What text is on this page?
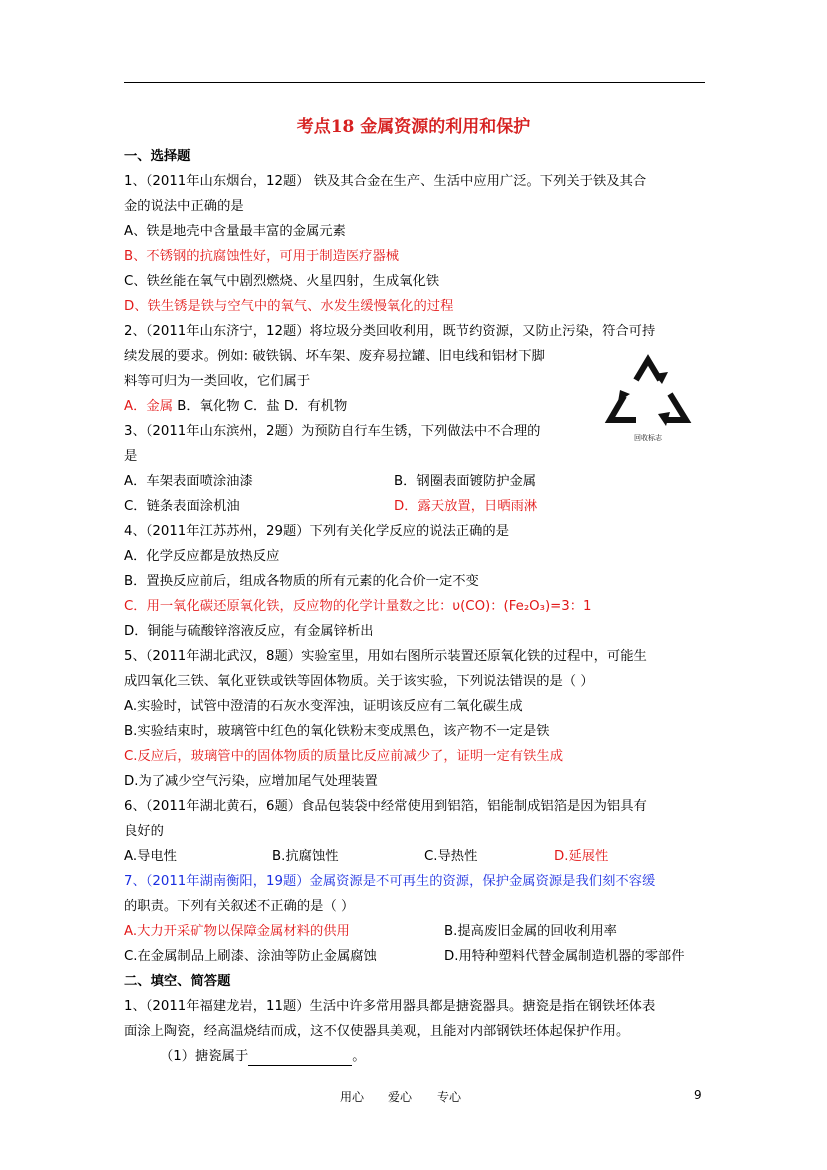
考点18 金属资源的利用和保护
一、选择题
1、（2011年山东烟台，12题） 铁及其合金在生产、生活中应用广泛。下列关于铁及其合
金的说法中正确的是
A、铁是地壳中含量最丰富的金属元素
B、不锈钢的抗腐蚀性好，可用于制造医疗器械
C、铁丝能在氧气中剧烈燃烧、火星四射，生成氧化铁
D、铁生锈是铁与空气中的氧气、水发生缓慢氧化的过程
2、（2011年山东济宁，12题）将垃圾分类回收利用，既节约资源，又防止污染，符合可持
续发展的要求。例如: 破铁锅、坏车架、废弃易拉罐、旧电线和铝材下脚
料等可归为一类回收，它们属于
A．金属 B．氧化物 C．盐 D．有机物
回收标志
3、（2011年山东滨州，2题）为预防自行车生锈，下列做法中不合理的
是
A．车架表面喷涂油漆	B．钢圈表面镀防护金属
C．链条表面涂机油	D．露天放置，日晒雨淋
4、（2011年江苏苏州，29题）下列有关化学反应的说法正确的是
A．化学反应都是放热反应
B．置换反应前后，组成各物质的所有元素的化合价一定不变
C．用一氧化碳还原氧化铁，反应物的化学计量数之比：υ(CO)：(Fe₂O₃)=3：1
D．铜能与硫酸锌溶液反应，有金属锌析出
5、（2011年湖北武汉，8题）实验室里，用如右图所示装置还原氧化铁的过程中，可能生
成四氧化三铁、氧化亚铁或铁等固体物质。关于该实验，下列说法错误的是（ ）
A.实验时，试管中澄清的石灰水变浑浊，证明该反应有二氧化碳生成
B.实验结束时，玻璃管中红色的氧化铁粉末变成黑色，该产物不一定是铁
C.反应后，玻璃管中的固体物质的质量比反应前减少了，证明一定有铁生成
D.为了减少空气污染，应增加尾气处理装置
6、（2011年湖北黄石，6题）食品包装袋中经常使用到铝箔，铝能制成铝箔是因为铝具有
良好的
A.导电性	B.抗腐蚀性	C.导热性	D.延展性
7、（2011年湖南衡阳，19题）金属资源是不可再生的资源，保护金属资源是我们刻不容缓
的职责。下列有关叙述不正确的是（ ）
A.大力开采矿物以保障金属材料的供用	B.提高废旧金属的回收利用率
C.在金属制品上刷漆、涂油等防止金属腐蚀	D.用特种塑料代替金属制造机器的零部件
二、填空、简答题
1、（2011年福建龙岩，11题）生活中许多常用器具都是搪瓷器具。搪瓷是指在钢铁坯体表
面涂上陶瓷，经高温烧结而成，这不仅使器具美观，且能对内部钢铁坯体起保护作用。
（1）搪瓷属于	。
用心 爱心 专心	9
